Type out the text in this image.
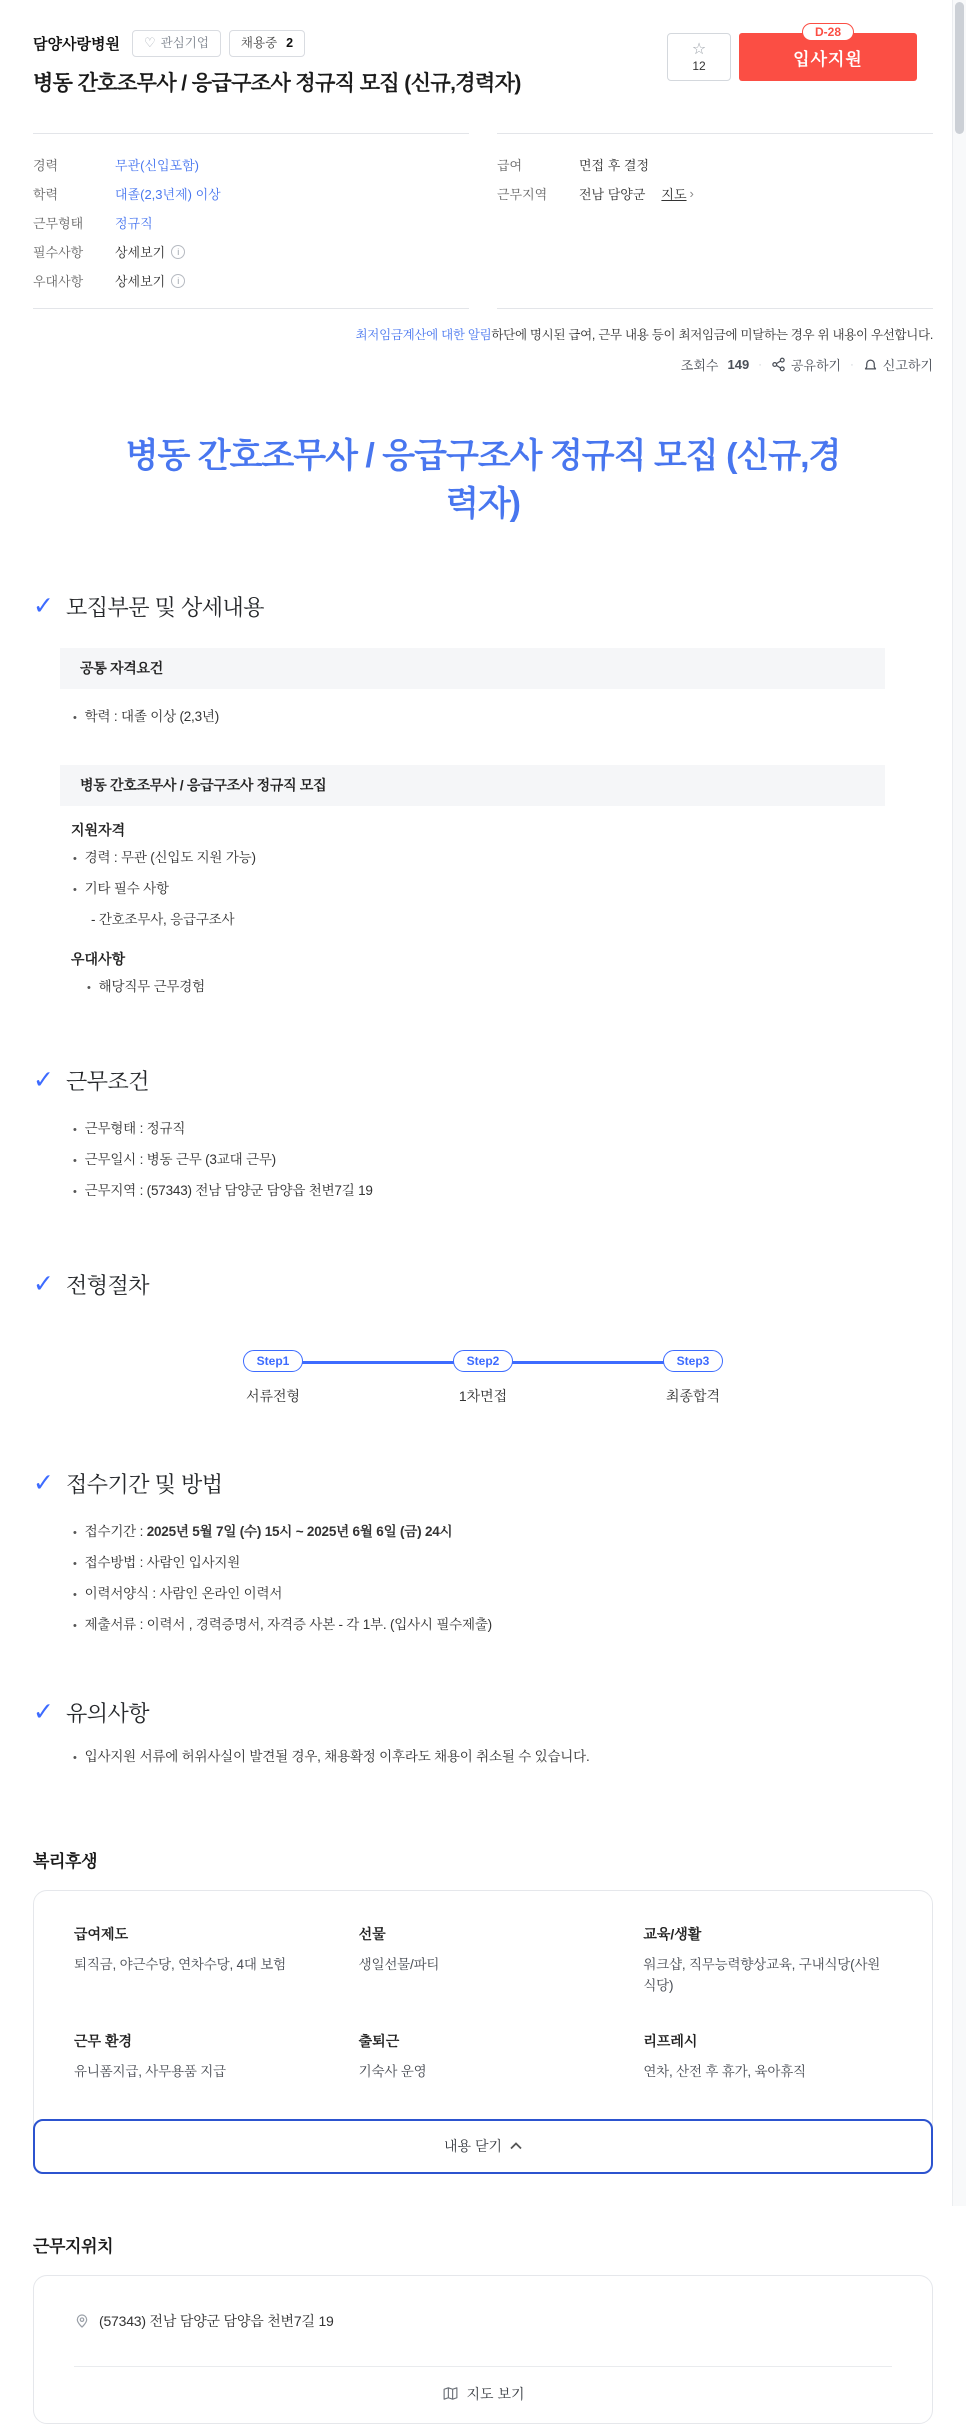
담양사랑병원 ♡ 관심기업	채용중 2
병동 간호조무사 / 응급구조사 정규직 모집 (신규,경력자)
☆
12
D-28
입사지원
경력	무관(신입포함)
학력	대졸(2,3년제) 이상
근무형태	정규직
필수사항	상세보기	i
우대사항	상세보기	i
급여	면접 후 결정
근무지역	전남 담양군 지도 ›
최저임금계산에 대한 알림하단에 명시된 급여, 근무 내용 등이 최저임금에 미달하는 경우 위 내용이 우선합니다.
조회수 149 · 공유하기 · 신고하기
병동 간호조무사 / 응급구조사 정규직 모집 (신규,경력자)
✓ 모집부문 및 상세내용
공통 자격요건
• 학력 : 대졸 이상 (2,3년)
병동 간호조무사 / 응급구조사 정규직 모집
지원자격
• 경력 : 무관 (신입도 지원 가능)
• 기타 필수 사항
- 간호조무사, 응급구조사
우대사항
• 해당직무 근무경험
✓ 근무조건
• 근무형태 : 정규직
• 근무일시 : 병동 근무 (3교대 근무)
• 근무지역 : (57343) 전남 담양군 담양읍 천변7길 19
✓ 전형절차
Step1
서류전형
Step2
1차면접
Step3
최종합격
✓ 접수기간 및 방법
• 접수기간 : 2025년 5월 7일 (수) 15시 ~ 2025년 6월 6일 (금) 24시
• 접수방법 : 사람인 입사지원
• 이력서양식 : 사람인 온라인 이력서
• 제출서류 : 이력서 , 경력증명서, 자격증 사본 - 각 1부. (입사시 필수제출)
✓ 유의사항
• 입사지원 서류에 허위사실이 발견될 경우, 채용확정 이후라도 채용이 취소될 수 있습니다.
복리후생
급여제도
퇴직금, 야근수당, 연차수당, 4대 보험
선물
생일선물/파티
교육/생활
워크샵, 직무능력향상교육, 구내식당(사원식당)
근무 환경
유니폼지급, 사무용품 지급
출퇴근
기숙사 운영
리프레시
연차, 산전 후 휴가, 육아휴직
내용 닫기
근무지위치
(57343) 전남 담양군 담양읍 천변7길 19
지도 보기
